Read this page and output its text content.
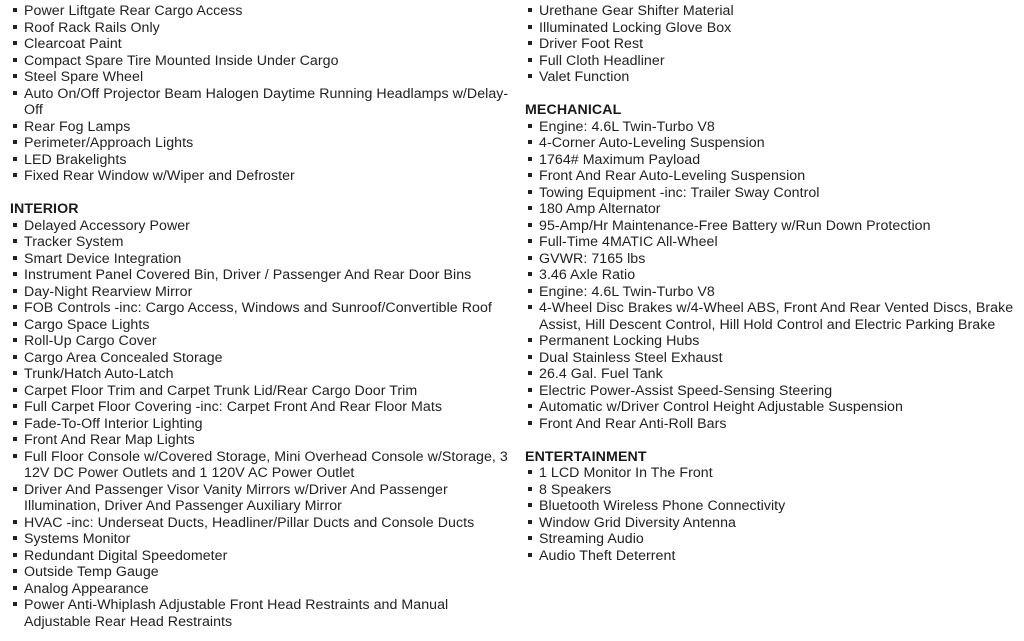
Power Liftgate Rear Cargo Access
Roof Rack Rails Only
Clearcoat Paint
Compact Spare Tire Mounted Inside Under Cargo
Steel Spare Wheel
Auto On/Off Projector Beam Halogen Daytime Running Headlamps w/Delay-Off
Rear Fog Lamps
Perimeter/Approach Lights
LED Brakelights
Fixed Rear Window w/Wiper and Defroster
INTERIOR
Delayed Accessory Power
Tracker System
Smart Device Integration
Instrument Panel Covered Bin, Driver / Passenger And Rear Door Bins
Day-Night Rearview Mirror
FOB Controls -inc: Cargo Access, Windows and Sunroof/Convertible Roof
Cargo Space Lights
Roll-Up Cargo Cover
Cargo Area Concealed Storage
Trunk/Hatch Auto-Latch
Carpet Floor Trim and Carpet Trunk Lid/Rear Cargo Door Trim
Full Carpet Floor Covering -inc: Carpet Front And Rear Floor Mats
Fade-To-Off Interior Lighting
Front And Rear Map Lights
Full Floor Console w/Covered Storage, Mini Overhead Console w/Storage, 3 12V DC Power Outlets and 1 120V AC Power Outlet
Driver And Passenger Visor Vanity Mirrors w/Driver And Passenger Illumination, Driver And Passenger Auxiliary Mirror
HVAC -inc: Underseat Ducts, Headliner/Pillar Ducts and Console Ducts
Systems Monitor
Redundant Digital Speedometer
Outside Temp Gauge
Analog Appearance
Power Anti-Whiplash Adjustable Front Head Restraints and Manual Adjustable Rear Head Restraints
Urethane Gear Shifter Material
Illuminated Locking Glove Box
Driver Foot Rest
Full Cloth Headliner
Valet Function
MECHANICAL
Engine: 4.6L Twin-Turbo V8
4-Corner Auto-Leveling Suspension
1764# Maximum Payload
Front And Rear Auto-Leveling Suspension
Towing Equipment -inc: Trailer Sway Control
180 Amp Alternator
95-Amp/Hr Maintenance-Free Battery w/Run Down Protection
Full-Time 4MATIC All-Wheel
GVWR: 7165 lbs
3.46 Axle Ratio
Engine: 4.6L Twin-Turbo V8
4-Wheel Disc Brakes w/4-Wheel ABS, Front And Rear Vented Discs, Brake Assist, Hill Descent Control, Hill Hold Control and Electric Parking Brake
Permanent Locking Hubs
Dual Stainless Steel Exhaust
26.4 Gal. Fuel Tank
Electric Power-Assist Speed-Sensing Steering
Automatic w/Driver Control Height Adjustable Suspension
Front And Rear Anti-Roll Bars
ENTERTAINMENT
1 LCD Monitor In The Front
8 Speakers
Bluetooth Wireless Phone Connectivity
Window Grid Diversity Antenna
Streaming Audio
Audio Theft Deterrent
